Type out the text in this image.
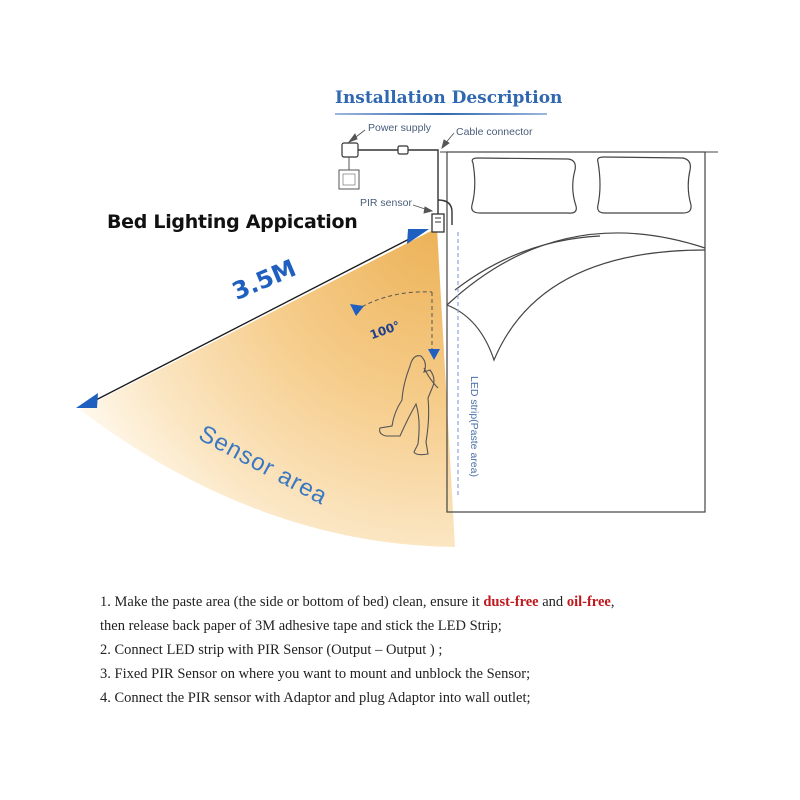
Installation Description
Bed Lighting Appication
Power supply Cable connector
PIR sensor
3.5M
100°
Sensor area	LED strip(Paste area)
1. Make the paste area (the side or bottom of bed) clean, ensure it dust-free and oil-free,
then release back paper of 3M adhesive tape and stick the LED Strip;
2. Connect LED strip with PIR Sensor (Output – Output ) ;
3. Fixed PIR Sensor on where you want to mount and unblock the Sensor;
4. Connect the PIR sensor with Adaptor and plug Adaptor into wall outlet;
